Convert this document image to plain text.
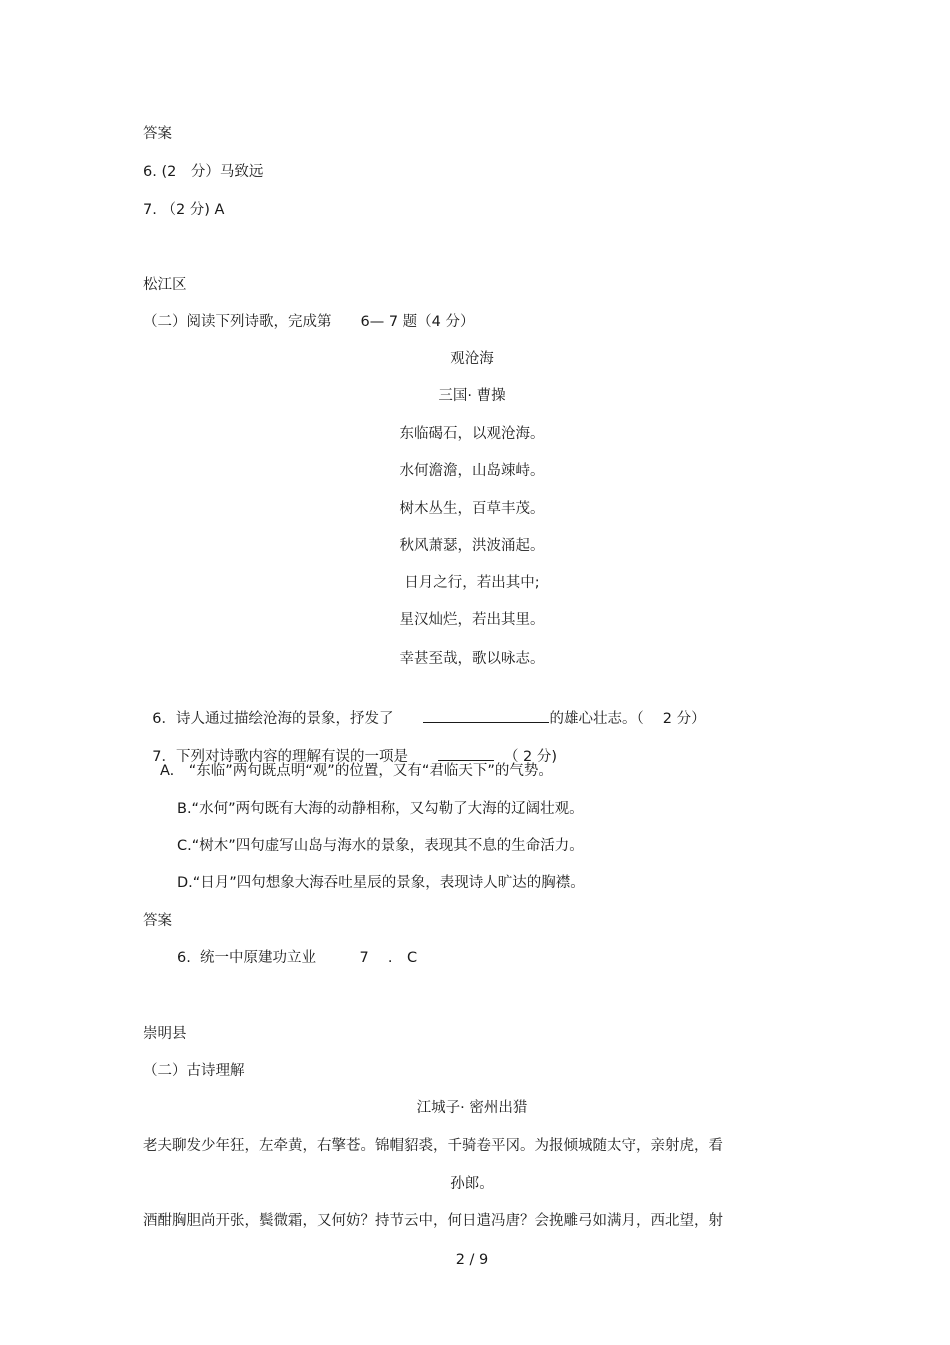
答案
6. (2　分）马致远
7. （2 分) A
松江区
（二）阅读下列诗歌，完成第　　6— 7 题（4 分）
观沧海
三国· 曹操
东临碣石，以观沧海。
水何澹澹，山岛竦峙。
树木丛生，百草丰茂。
秋风萧瑟，洪波涌起。
日月之行，若出其中;
星汉灿烂，若出其里。
幸甚至哉，歌以咏志。

6．诗人通过描绘沧海的景象，抒发了	的雄心壮志。（　 2 分）

7．下列对诗歌内容的理解有误的一项是	（ 2 分)

A.　“东临”两句既点明“观”的位置，又有“君临天下”的气势。
B.“水何”两句既有大海的动静相称，又勾勒了大海的辽阔壮观。
C.“树木”四句虚写山岛与海水的景象，表现其不息的生命活力。
D.“日月”四句想象大海吞吐星辰的景象，表现诗人旷达的胸襟。
答案
6.  统一中原建功立业　　　7　 .　C
崇明县
（二）古诗理解
江城子· 密州出猎
老夫聊发少年狂，左牵黄，右擎苍。锦帽貂裘，千骑卷平冈。为报倾城随太守，亲射虎，看
孙郎。
酒酣胸胆尚开张，鬓微霜，又何妨？持节云中，何日遣冯唐？会挽雕弓如满月，西北望，射
2 / 9
